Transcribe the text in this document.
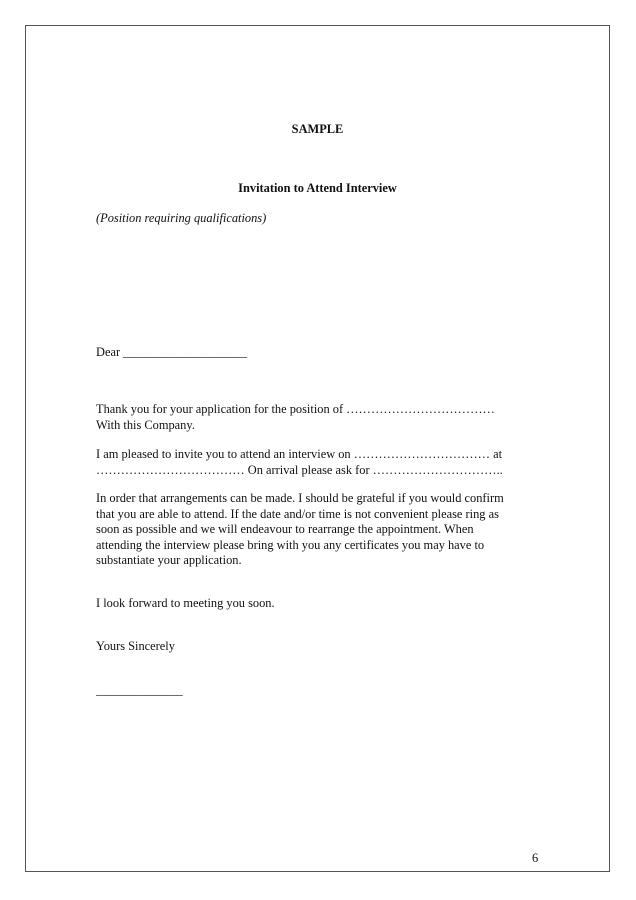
SAMPLE
Invitation to Attend Interview
(Position requiring qualifications)
Dear ____________________
Thank you for your application for the position of ………………………………
With this Company.
I am pleased to invite you to attend an interview on …………………………… at
……………………………… On arrival please ask for …………………………..
In order that arrangements can be made. I should be grateful if you would confirm
that you are able to attend. If the date and/or time is not convenient please ring as
soon as possible and we will endeavour to rearrange the appointment. When
attending the interview please bring with you any certificates you may have to
substantiate your application.
I look forward to meeting you soon.
Yours Sincerely
______________
6
